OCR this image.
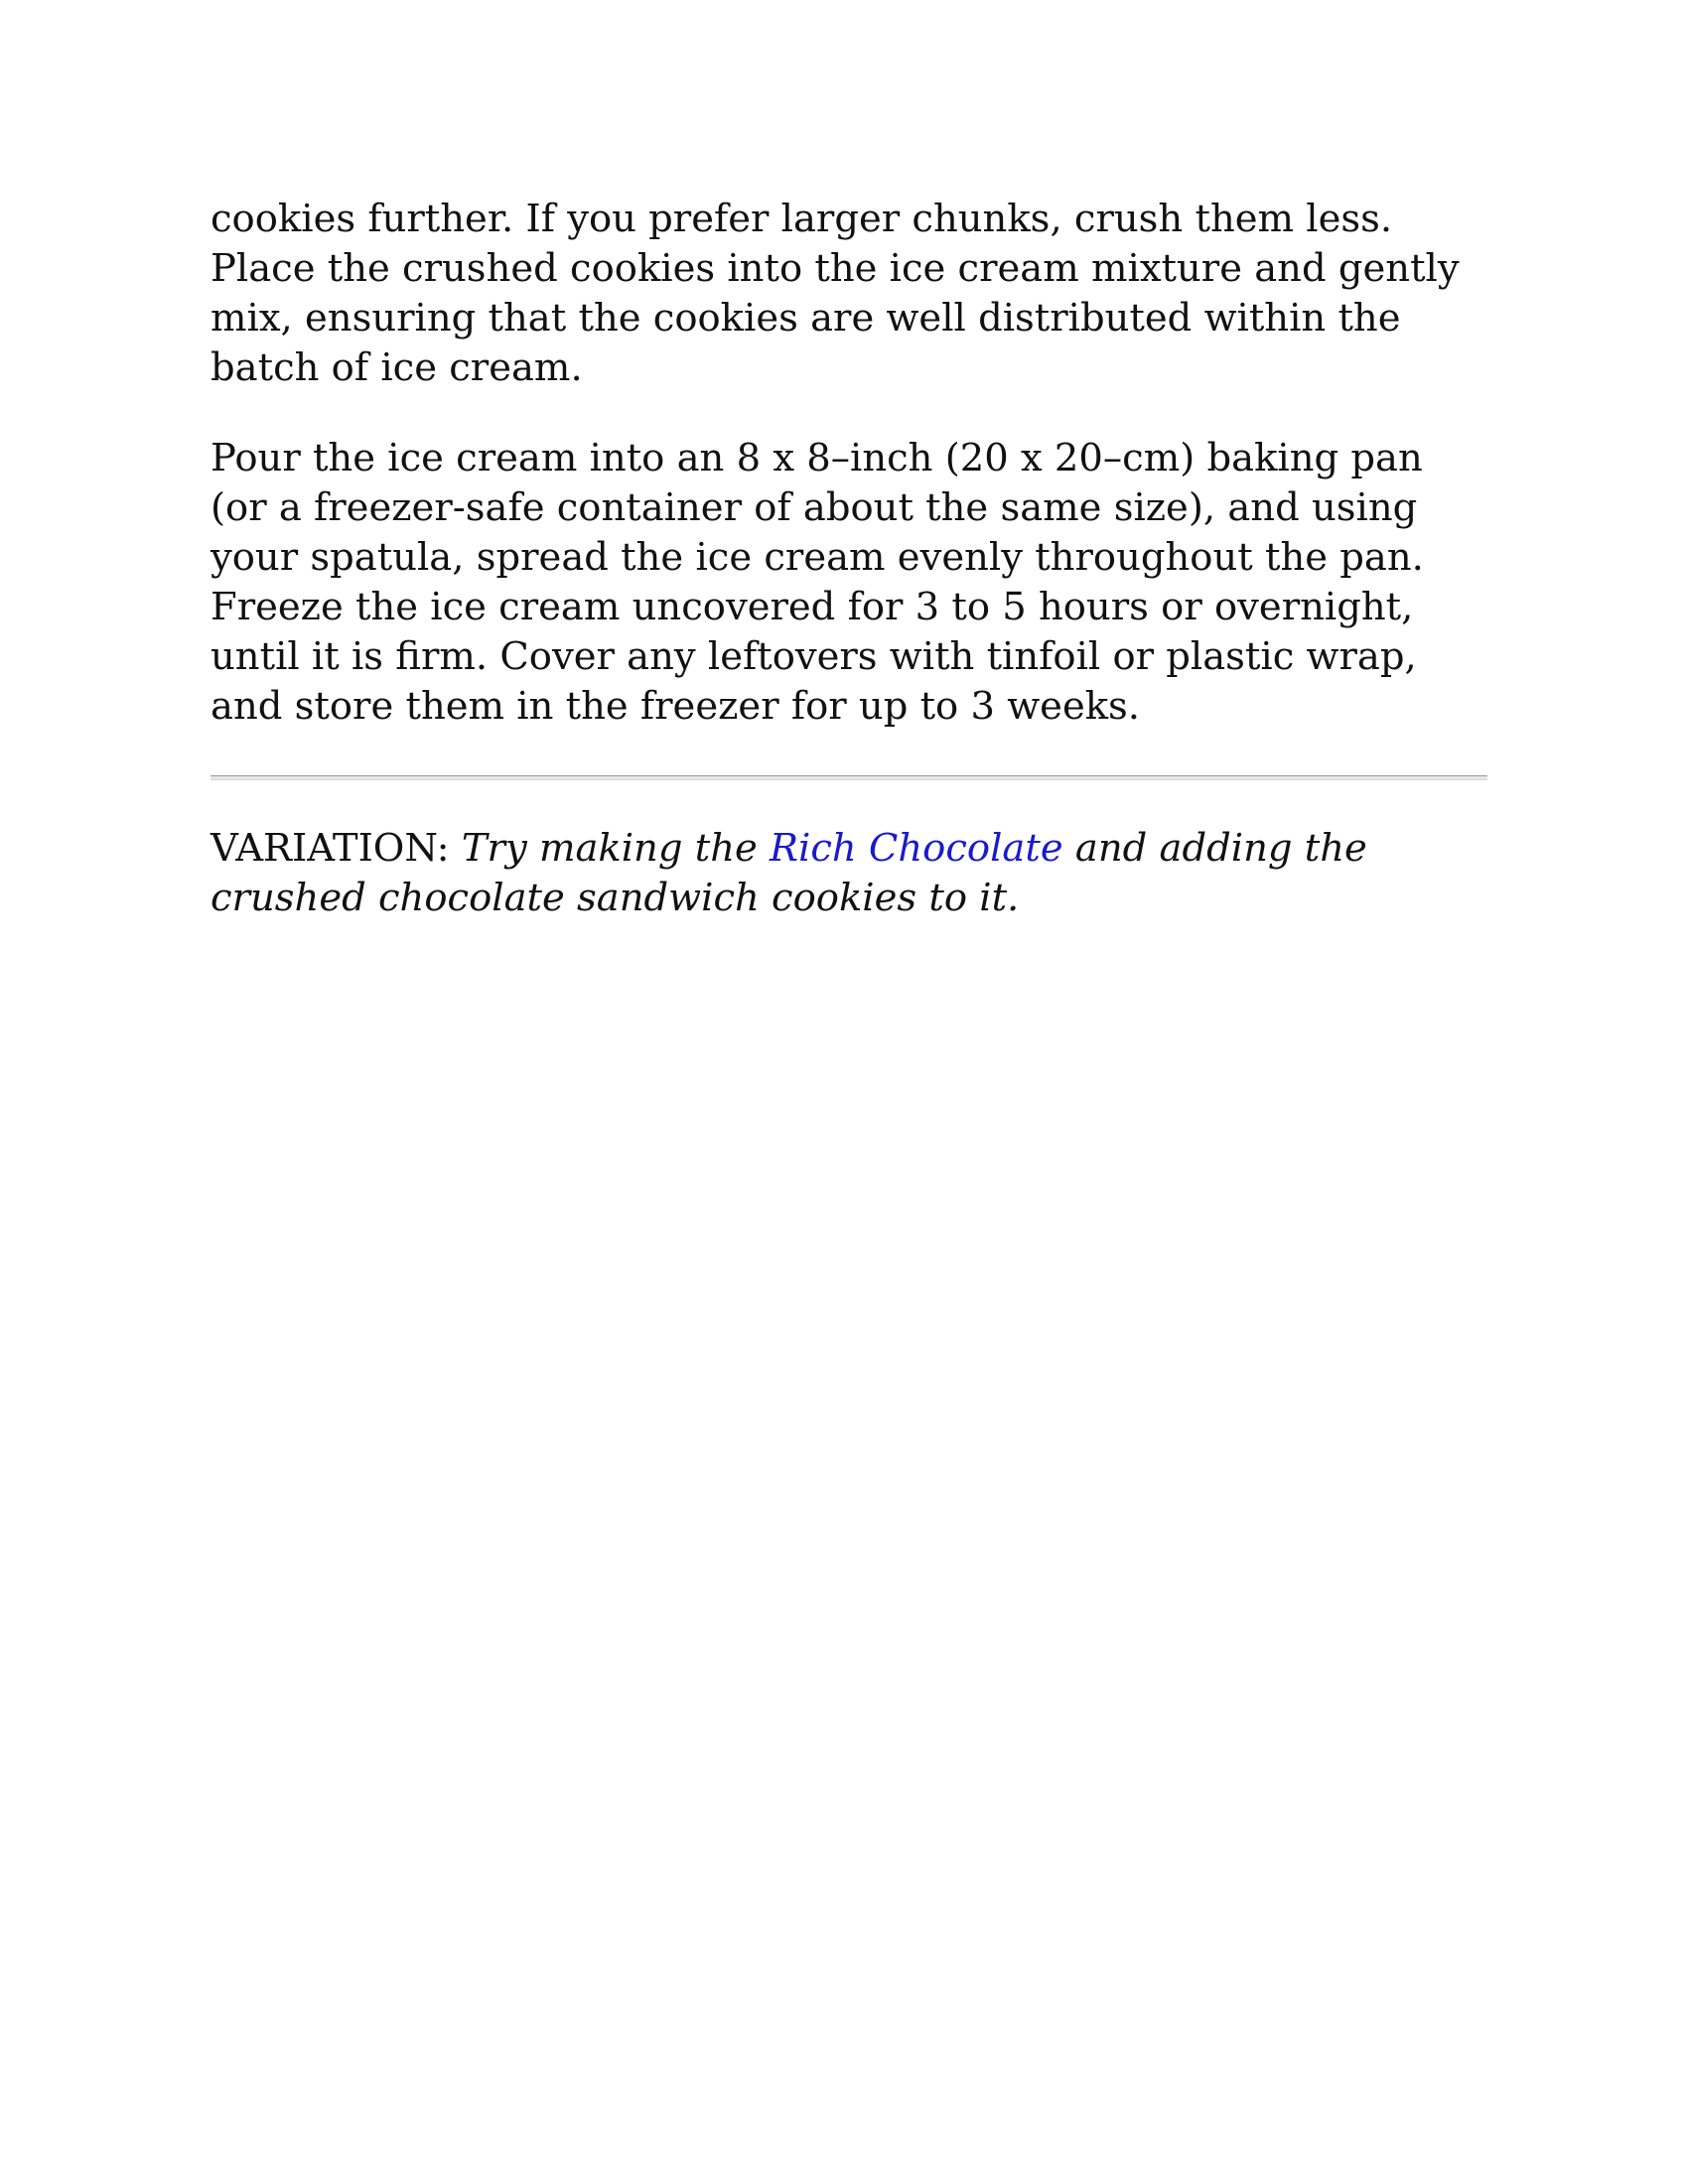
cookies further. If you prefer larger chunks, crush them less. Place the crushed cookies into the ice cream mixture and gently mix, ensuring that the cookies are well distributed within the batch of ice cream.

Pour the ice cream into an 8 x 8–inch (20 x 20–cm) baking pan (or a freezer-safe container of about the same size), and using your spatula, spread the ice cream evenly throughout the pan. Freeze the ice cream uncovered for 3 to 5 hours or overnight, until it is firm. Cover any leftovers with tinfoil or plastic wrap, and store them in the freezer for up to 3 weeks.

VARIATION: Try making the Rich Chocolate and adding the crushed chocolate sandwich cookies to it.
